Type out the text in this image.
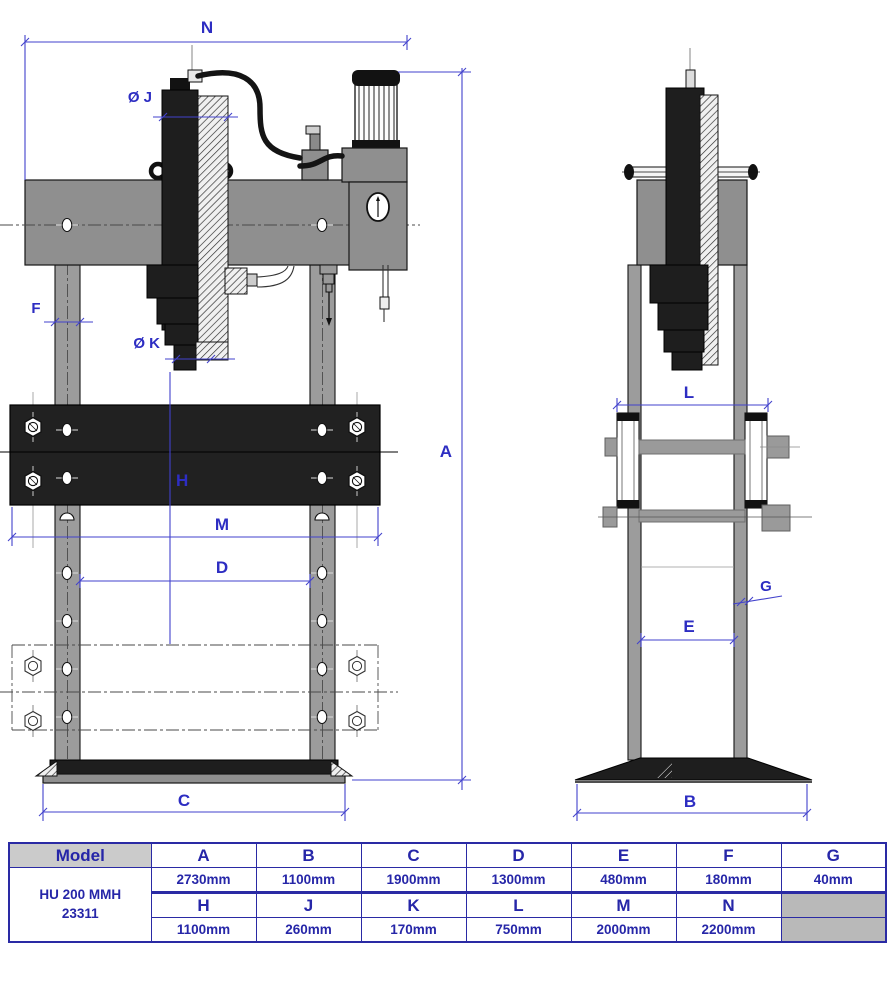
N
A
Ø J
F
Ø K
H
M
D
C
L
G
E
B
Model	A	B	C	D	E	F	G

HU 200 MMH
23311	2730mm	1100mm	1900mm	1300mm	480mm	180mm	40mm
	H	J	K	L	M	N	
	1100mm	260mm	170mm	750mm	2000mm	2200mm	
